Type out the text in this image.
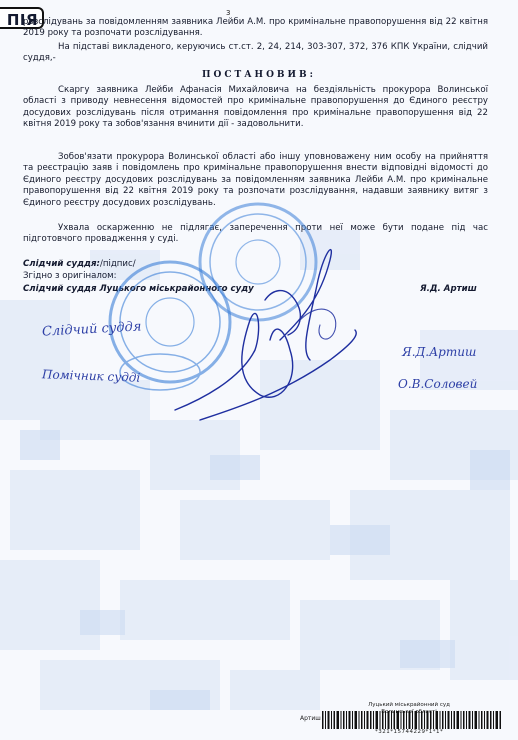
ПІЯ	3
розслідувань за повідомленням заявника Лейби А.М. про кримінальне правопорушення від 22 квітня 2019 року та розпочати розслідування.
На підставі викладеного, керуючись ст.ст. 2, 24, 214, 303-307, 372, 376 КПК України, слідчий суддя,-
ПОСТАНОВИВ:
Скаргу заявника Лейби Афанасія Михайловича на бездіяльність прокурора Волинської області з приводу невнесення відомостей про кримінальне правопорушення до Єдиного реєстру досудових розслідувань після отримання повідомлення про кримінальне правопорушення від 22 квітня 2019 року та зобов'язання вчинити дії - задовольнити.
Зобов'язати прокурора Волинської області або іншу уповноважену ним особу на прийняття та реєстрацію заяв і повідомлень про кримінальне правопорушення внести відповідні відомості до Єдиного реєстру досудових розслідувань за повідомленням заявника Лейби А.М. про кримінальне правопорушення від 22 квітня 2019 року та розпочати розслідування, надавши заявнику витяг з Єдиного реєстру досудових розслідувань.
Ухвала оскарженню не підлягає, заперечення проти неї може бути подане під час підготовчого провадження у суді.
Слідчий суддя:/підпис/
Згідно з оригіналом:
Слідчий суддя Луцького міськрайонного суду	Я.Д. Артиш
Слідчий суддя
Помічник судді
Я.Д.Артиш
О.В.Соловей
Луцький міськрайонний суд
області
Артиш
*321*15744229*1*1*
